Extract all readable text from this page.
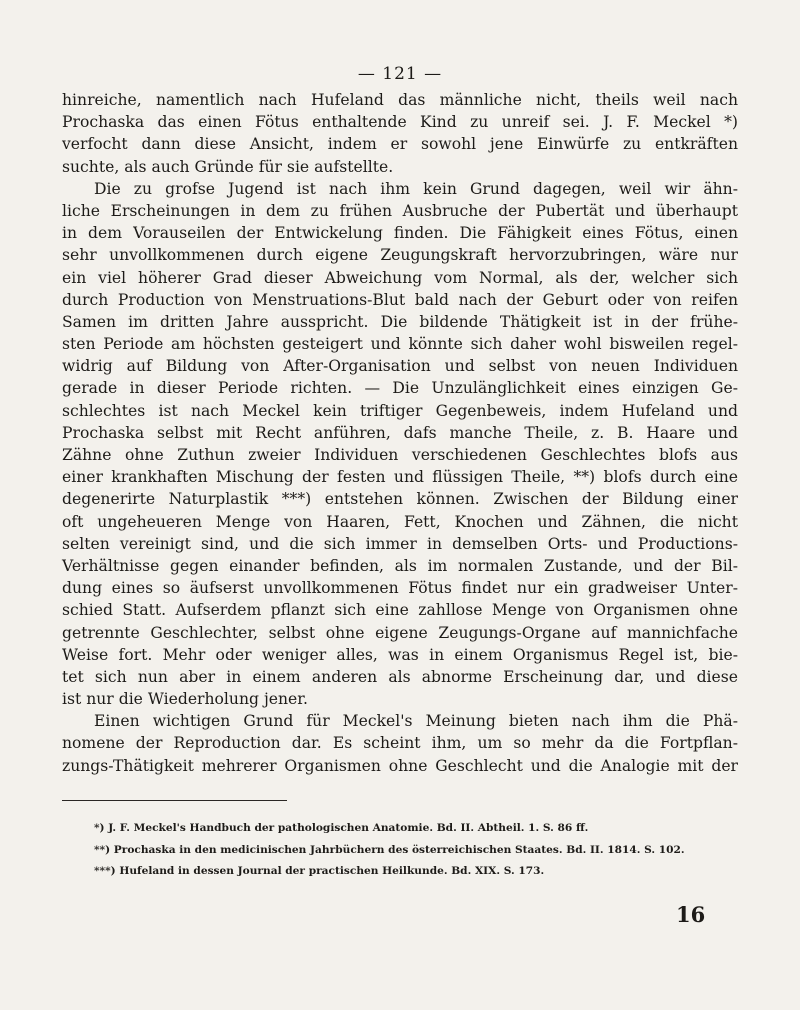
— 121 —
hinreiche, namentlich nach Hufeland das männliche nicht, theils weil nach
Prochaska das einen Fötus enthaltende Kind zu unreif sei. J. F. Meckel *)
verfocht dann diese Ansicht, indem er sowohl jene Einwürfe zu entkräften
suchte, als auch Gründe für sie aufstellte.
Die zu grofse Jugend ist nach ihm kein Grund dagegen, weil wir ähn-
liche Erscheinungen in dem zu frühen Ausbruche der Pubertät und überhaupt
in dem Vorauseilen der Entwickelung finden. Die Fähigkeit eines Fötus, einen
sehr unvollkommenen durch eigene Zeugungskraft hervorzubringen, wäre nur
ein viel höherer Grad dieser Abweichung vom Normal, als der, welcher sich
durch Production von Menstruations-Blut bald nach der Geburt oder von reifen
Samen im dritten Jahre ausspricht. Die bildende Thätigkeit ist in der frühe-
sten Periode am höchsten gesteigert und könnte sich daher wohl bisweilen regel-
widrig auf Bildung von After-Organisation und selbst von neuen Individuen
gerade in dieser Periode richten. — Die Unzulänglichkeit eines einzigen Ge-
schlechtes ist nach Meckel kein triftiger Gegenbeweis, indem Hufeland und
Prochaska selbst mit Recht anführen, dafs manche Theile, z. B. Haare und
Zähne ohne Zuthun zweier Individuen verschiedenen Geschlechtes blofs aus
einer krankhaften Mischung der festen und flüssigen Theile, **) blofs durch eine
degenerirte Naturplastik ***) entstehen können. Zwischen der Bildung einer
oft ungeheueren Menge von Haaren, Fett, Knochen und Zähnen, die nicht
selten vereinigt sind, und die sich immer in demselben Orts- und Productions-
Verhältnisse gegen einander befinden, als im normalen Zustande, und der Bil-
dung eines so äufserst unvollkommenen Fötus findet nur ein gradweiser Unter-
schied Statt. Aufserdem pflanzt sich eine zahllose Menge von Organismen ohne
getrennte Geschlechter, selbst ohne eigene Zeugungs-Organe auf mannichfache
Weise fort. Mehr oder weniger alles, was in einem Organismus Regel ist, bie-
tet sich nun aber in einem anderen als abnorme Erscheinung dar, und diese
ist nur die Wiederholung jener.
Einen wichtigen Grund für Meckel's Meinung bieten nach ihm die Phä-
nomene der Reproduction dar. Es scheint ihm, um so mehr da die Fortpflan-
zungs-Thätigkeit mehrerer Organismen ohne Geschlecht und die Analogie mit der
*) J. F. Meckel's Handbuch der pathologischen Anatomie. Bd. II. Abtheil. 1. S. 86 ff.
**) Prochaska in den medicinischen Jahrbüchern des österreichischen Staates. Bd. II. 1814. S. 102.
***) Hufeland in dessen Journal der practischen Heilkunde. Bd. XIX. S. 173.
16
